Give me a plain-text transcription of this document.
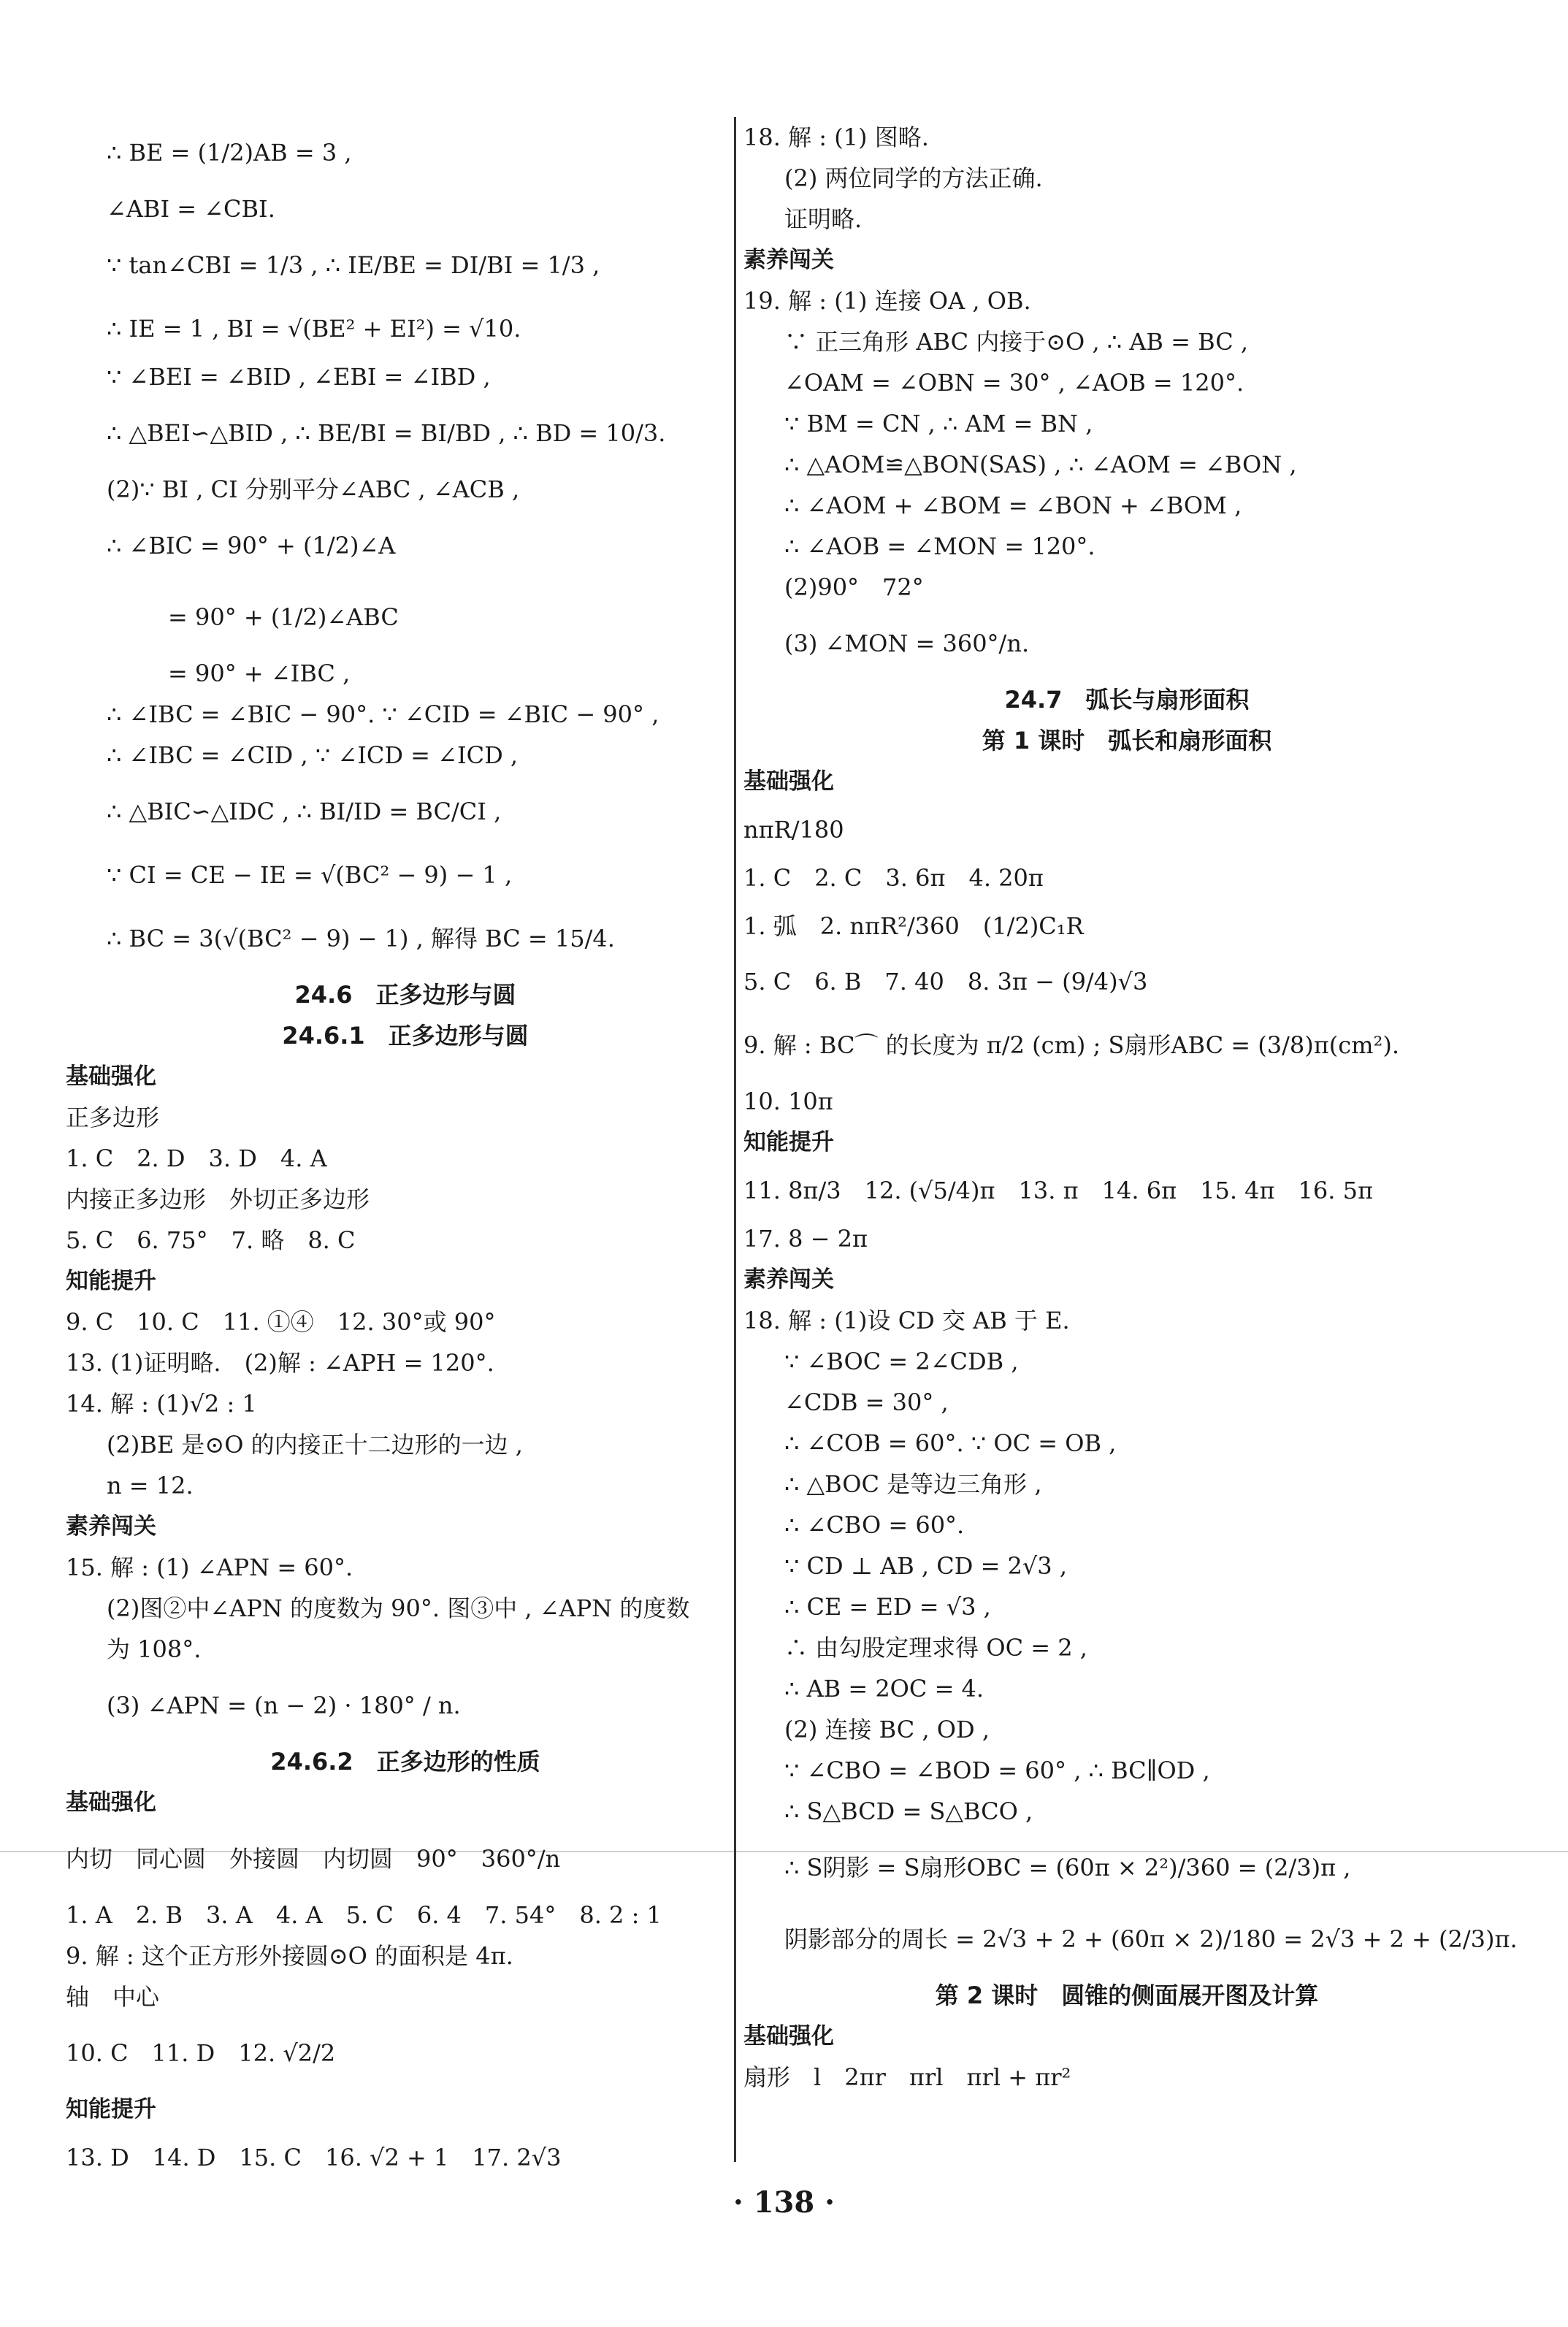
∴ BE = (1/2)AB = 3 ,
∠ABI = ∠CBI.
∵ tan∠CBI = 1/3 , ∴ IE/BE = DI/BI = 1/3 ,
∴ IE = 1 , BI = √(BE² + EI²) = √10.
∵ ∠BEI = ∠BID , ∠EBI = ∠IBD ,
∴ △BEI∽△BID , ∴ BE/BI = BI/BD , ∴ BD = 10/3.
(2)∵ BI , CI 分别平分∠ABC , ∠ACB ,
∴ ∠BIC = 90° + (1/2)∠A
= 90° + (1/2)∠ABC
= 90° + ∠IBC ,
∴ ∠IBC = ∠BIC − 90°. ∵ ∠CID = ∠BIC − 90° ,
∴ ∠IBC = ∠CID , ∵ ∠ICD = ∠ICD ,
∴ △BIC∽△IDC , ∴ BI/ID = BC/CI ,
∵ CI = CE − IE = √(BC² − 9) − 1 ,
∴ BC = 3(√(BC² − 9) − 1) , 解得 BC = 15/4.
24.6　正多边形与圆
24.6.1　正多边形与圆
基础强化
正多边形
1. C　2. D　3. D　4. A
内接正多边形　外切正多边形
5. C　6. 75°　7. 略　8. C
知能提升
9. C　10. C　11. ①④　12. 30°或 90°
13. (1)证明略.　(2)解 : ∠APH = 120°.
14. 解 : (1)√2 : 1
(2)BE 是⊙O 的内接正十二边形的一边 ,
n = 12.
素养闯关
15. 解 : (1) ∠APN = 60°.
(2)图②中∠APN 的度数为 90°. 图③中 , ∠APN 的度数
为 108°.
(3) ∠APN = (n − 2) · 180° / n.
24.6.2　正多边形的性质
基础强化
内切　同心圆　外接圆　内切圆　90°　360°/n
1. A　2. B　3. A　4. A　5. C　6. 4　7. 54°　8. 2 : 1
9. 解 : 这个正方形外接圆⊙O 的面积是 4π.
轴　中心
10. C　11. D　12. √2/2
知能提升
13. D　14. D　15. C　16. √2 + 1　17. 2√3
18. 解 : (1) 图略.
(2) 两位同学的方法正确.
证明略.
素养闯关
19. 解 : (1) 连接 OA , OB.
∵ 正三角形 ABC 内接于⊙O , ∴ AB = BC ,
∠OAM = ∠OBN = 30° , ∠AOB = 120°.
∵ BM = CN , ∴ AM = BN ,
∴ △AOM≌△BON(SAS) , ∴ ∠AOM = ∠BON ,
∴ ∠AOM + ∠BOM = ∠BON + ∠BOM ,
∴ ∠AOB = ∠MON = 120°.
(2)90°　72°
(3) ∠MON = 360°/n.
24.7　弧长与扇形面积
第 1 课时　弧长和扇形面积
基础强化
nπR/180
1. C　2. C　3. 6π　4. 20π
1. 弧　2. nπR²/360　(1/2)C₁R
5. C　6. B　7. 40　8. 3π − (9/4)√3
9. 解 : BC⌒ 的长度为 π/2 (cm) ; S扇形ABC = (3/8)π(cm²).
10. 10π
知能提升
11. 8π/3　12. (√5/4)π　13. π　14. 6π　15. 4π　16. 5π
17. 8 − 2π
素养闯关
18. 解 : (1)设 CD 交 AB 于 E.
∵ ∠BOC = 2∠CDB ,
∠CDB = 30° ,
∴ ∠COB = 60°. ∵ OC = OB ,
∴ △BOC 是等边三角形 ,
∴ ∠CBO = 60°.
∵ CD ⊥ AB , CD = 2√3 ,
∴ CE = ED = √3 ,
∴ 由勾股定理求得 OC = 2 ,
∴ AB = 2OC = 4.
(2) 连接 BC , OD ,
∵ ∠CBO = ∠BOD = 60° , ∴ BC∥OD ,
∴ S△BCD = S△BCO ,
∴ S阴影 = S扇形OBC = (60π × 2²)/360 = (2/3)π ,
阴影部分的周长 = 2√3 + 2 + (60π × 2)/180 = 2√3 + 2 + (2/3)π.
第 2 课时　圆锥的侧面展开图及计算
基础强化
扇形　l　2πr　πrl　πrl + πr²
· 138 ·
